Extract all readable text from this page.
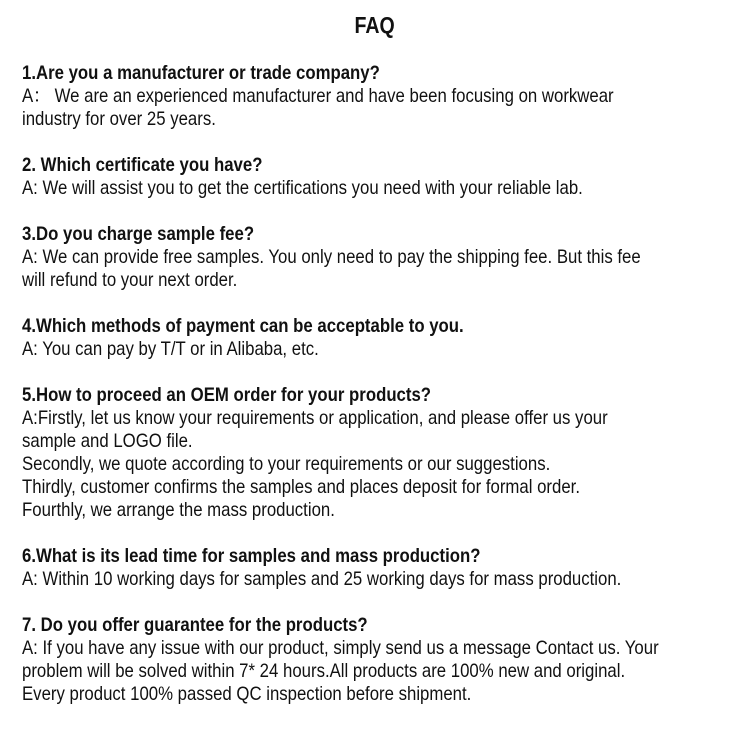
FAQ
1.Are you a manufacturer or trade company?
A： We are an experienced manufacturer and have been focusing on workwear
industry for over 25 years.
2. Which certificate you have?
A: We will assist you to get the certifications you need with your reliable lab.
3.Do you charge sample fee?
A: We can provide free samples. You only need to pay the shipping fee. But this fee
will refund to your next order.
4.Which methods of payment can be acceptable to you.
A: You can pay by T/T or in Alibaba, etc.
5.How to proceed an OEM order for your products?
A:Firstly, let us know your requirements or application, and please offer us your
sample and LOGO file.
Secondly, we quote according to your requirements or our suggestions.
Thirdly, customer confirms the samples and places deposit for formal order.
Fourthly, we arrange the mass production.
6.What is its lead time for samples and mass production?
A: Within 10 working days for samples and 25 working days for mass production.
7. Do you offer guarantee for the products?
A: If you have any issue with our product, simply send us a message Contact us. Your
problem will be solved within 7* 24 hours.All products are 100% new and original.
Every product 100% passed QC inspection before shipment.
